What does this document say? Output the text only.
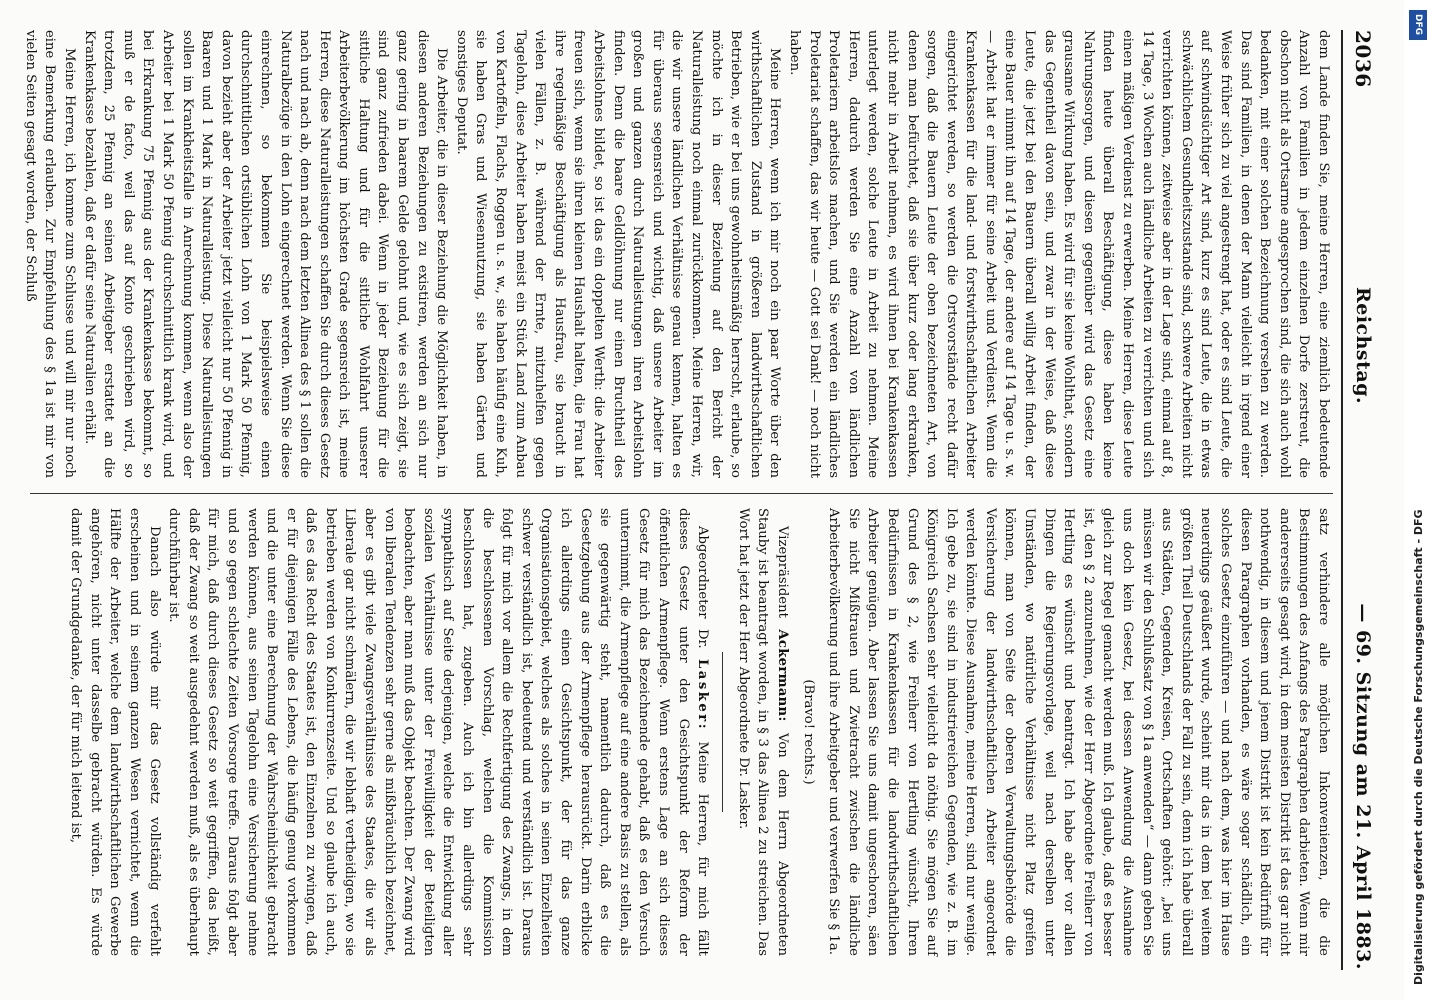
2036
Reichstag.
— 69. Sitzung am 21. April 1883.

dem Lande finden Sie, meine Herren, eine ziemlich bedeutende Anzahl von Familien in jedem einzelnen Dorfe zerstreut, die obschon nicht als Ortsarme angesprochen sind, die sich auch wohl bedanken, mit einer solchen Bezeichnung versehen zu werden. Das sind Familien, in denen der Mann vielleicht in irgend einer Weise früher sich zu viel angestrengt hat, oder es sind Leute, die auf schwindsüchtiger Art sind, kurz es sind Leute, die in etwas schwächlichem Gesundheitszustande sind, schwere Arbeiten nicht verrichten können, zeitweise aber in der Lage sind, einmal auf 8, 14 Tage, 3 Wochen auch ländliche Arbeiten zu verrichten und sich einen mäßigen Verdienst zu erwerben. Meine Herren, diese Leute finden heute überall Beschäftigung, diese haben keine Nahrungssorgen, und diesen gegenüber wird das Gesetz eine grausame Wirkung haben. Es wird für sie keine Wohlthat, sondern das Gegentheil davon sein, und zwar in der Weise, daß diese Leute, die jetzt bei den Bauern überall willig Arbeit finden, der eine Bauer nimmt ihn auf 14 Tage, der andere auf 14 Tage u. s. w. — Arbeit hat er immer für seine Arbeit und Verdienst. Wenn die Krankenkassen für die land- und forstwirthschaftlichen Arbeiter eingerichtet werden, so werden die Ortsvorstände recht dafür sorgen, daß die Bauern Leute der oben bezeichneten Art, von denen man befürchtet, daß sie über kurz oder lang erkranken, nicht mehr in Arbeit nehmen, es wird ihnen bei Krankenkassen unterlegt werden, solche Leute in Arbeit zu nehmen. Meine Herren, dadurch werden Sie eine Anzahl von ländlichen Proletariern arbeitslos machen, und Sie werden ein ländliches Proletariat schaffen, das wir heute — Gott sei Dank! — noch nicht haben.

Meine Herren, wenn ich mir noch ein paar Worte über den wirthschaftlichen Zustand in größeren landwirthschaftlichen Betrieben, wie er bei uns gewohnheitsmäßig herrscht, erlaube, so möchte ich in dieser Beziehung auf den Bericht der Naturalleistung noch einmal zurückkommen. Meine Herren, wir, die wir unsere ländlichen Verhältnisse genau kennen, halten es für überaus segensreich und wichtig, daß unsere Arbeiter im großen und ganzen durch Naturalleistungen ihren Arbeitslohn finden. Denn die baare Geldlöhnung nur einen Bruchtheil des Arbeitslohnes bildet, so ist das ein doppelten Werth: die Arbeiter freuen sich, wenn sie ihren kleinen Haushalt halten, die Frau hat ihre regelmäßige Beschäftigung als Hausfrau, sie braucht in vielen Fällen, z. B. während der Ernte, mitzuhelfen gegen Tagelohn, diese Arbeiter haben meist ein Stück Land zum Anbau von Kartoffeln, Flachs, Roggen u. s. w., sie haben häufig eine Kuh, sie haben Gras und Wiesennutzung, sie haben Gärten und sonstiges Deputat.

Die Arbeiter, die in dieser Beziehung die Möglichkeit haben, in diesen anderen Beziehungen zu existiren, werden an sich nur ganz gering in baarem Gelde gelohnt und, wie es sich zeigt, sie sind ganz zufrieden dabei. Wenn in jeder Beziehung für die sittliche Haltung und für die sittliche Wohlfahrt unserer Arbeiterbevölkerung im höchsten Grade segensreich ist, meine Herren, diese Naturalleistungen schaffen Sie durch dieses Gesetz nach und nach ab, denn nach dem letzten Alinea des § 1 sollen die Naturalbezüge in den Lohn eingerechnet werden. Wenn Sie diese einrechnen, so bekommen Sie beispielsweise einen durchschnittlichen ortsüblichen Lohn von 1 Mark 50 Pfennig, davon bezieht aber der Arbeiter jetzt vielleicht nur 50 Pfennig in Baaren und 1 Mark in Naturalleistung. Diese Naturalleistungen sollen im Krankheitsfalle in Anrechnung kommen, wenn also der Arbeiter bei 1 Mark 50 Pfennig durchschnittlich krank wird, und bei Erkrankung 75 Pfennig aus der Krankenkasse bekommt, so muß er de facto, weil das auf Konto geschrieben wird, so trotzdem, 25 Pfennig an seinen Arbeitgeber erstattet an die Krankenkasse bezahlen, daß er dafür seine Naturalien erhält.

Meine Herren, ich komme zum Schlusse und will mir nur noch eine Bemerkung erlauben. Zur Empfehlung des § 1a ist mir von vielen Seiten gesagt worden, der Schluß

satz verhindere alle möglichen Inkonvenienzen, die die Bestimmungen des Anfangs des Paragraphen darbieten. Wenn mir andererseits gesagt wird, in dem meisten Distrikt ist das gar nicht nothwendig, in diesem und jenem Distrikt ist kein Bedürfniß für diesen Paragraphen vorhanden, es wäre sogar schädlich, ein solches Gesetz einzuführen — und nach dem, was hier im Hause neuerdings geäußert wurde, scheint mir das in dem bei weitem größten Theil Deutschlands der Fall zu sein, denn ich habe überall aus Städten, Gegenden, Kreisen, Ortschaften gehört: „bei uns müssen wir den Schlußsatz von § 1a anwenden“ — dann geben Sie uns doch kein Gesetz, bei dessen Anwendung die Ausnahme gleich zur Regel gemacht werden muß. Ich glaube, daß es besser ist, den § 2 anzunehmen, wie der Herr Abgeordnete Freiherr von Hertling es wünscht und beantragt. Ich habe aber vor allen Dingen die Regierungsvorlage, weil nach derselben unter Umständen, wo natürliche Verhältnisse nicht Platz greifen können, man von Seite der oberen Verwaltungsbehörde die Versicherung der landwirthschaftlichen Arbeiter angeordnet werden könnte. Diese Ausnahme, meine Herren, sind nur wenige. Ich gebe zu, sie sind in industriereichen Gegenden, wie z. B. im Königreich Sachsen sehr vielleicht da nöthig. Sie mögen Sie auf Grund des § 2, wie Freiherr von Hertling wünscht, Ihren Bedürfnissen in Krankenkassen für die landwirthschaftlichen Arbeiter genügen. Aber lassen Sie uns damit ungeschoren, säen Sie nicht Mißtrauen und Zwietracht zwischen die ländliche Arbeiterbevölkerung und ihre Arbeitgeber und verwerfen Sie § 1a.

(Bravo! rechts.)

Vizepräsident Ackermann: Von dem Herrn Abgeordneten Stauby ist beantragt worden, in § 3 das Alinea 2 zu streichen. Das Wort hat jetzt der Herr Abgeordnete Dr. Lasker.

Abgeordneter Dr. Lasker: Meine Herren, für mich fällt dieses Gesetz unter den Gesichtspunkt der Reform der öffentlichen Armenpflege. Wenn erstens Lage an sich dieses Gesetz für mich das Bezeichnende gehabt, daß es den Versuch unternimmt, die Armenpflege auf eine andere Basis zu stellen, als sie gegenwärtig steht, namentlich dadurch, daß es die Gesetzgebung aus der Armenpflege herausrückt. Darin erblicke ich allerdings einen Gesichtspunkt, der für das ganze Organisationsgebiet, welches als solches in seinen Einzelheiten schwer verständlich ist, bedeutend und verständlich ist. Daraus folgt für mich vor allem die Rechtfertigung des Zwangs, in dem die beschlossenen Vorschlag, welchen die Kommission beschlossen hat, zugeben. Auch ich bin allerdings sehr sympathisch auf Seite derjenigen, welche die Entwicklung aller sozialen Verhältnisse unter der Freiwilligkeit der Beteiligten beobachten, aber man muß das Objekt beachten. Der Zwang wird von liberalen Tendenzen sehr gerne als mißbräuchlich bezeichnet, aber es gibt viele Zwangsverhältnisse des Staates, die wir als Liberale gar nicht schmälern, die wir lebhaft vertheidigen, wo sie betrieben werden von Konkurrenzseite. Und so glaube ich auch, daß es das Recht des Staates ist, den Einzelnen zu zwingen, daß er für diejenigen Fälle des Lebens, die häufig genug vorkommen und die unter eine Berechnung der Wahrscheinlichkeit gebracht werden können, aus seinen Tagelohn eine Versicherung nehme und so gegen schlechte Zeiten Vorsorge treffe. Daraus folgt aber für mich, daß durch dieses Gesetz so weit gegriffen, das heißt, daß der Zwang so weit ausgedehnt werden muß, als es überhaupt durchführbar ist.

Danach also würde mir das Gesetz vollständig verfehlt erscheinen und in seinem ganzen Wesen vernichtet, wenn die Hälfte der Arbeiter, welche dem landwirthschaftlichen Gewerbe angehören, nicht unter dasselbe gebracht würden. Es würde damit der Grundgedanke, der für mich leitend ist,

DFG
Digitalisierung gefördert durch die Deutsche Forschungsgemeinschaft - DFG
